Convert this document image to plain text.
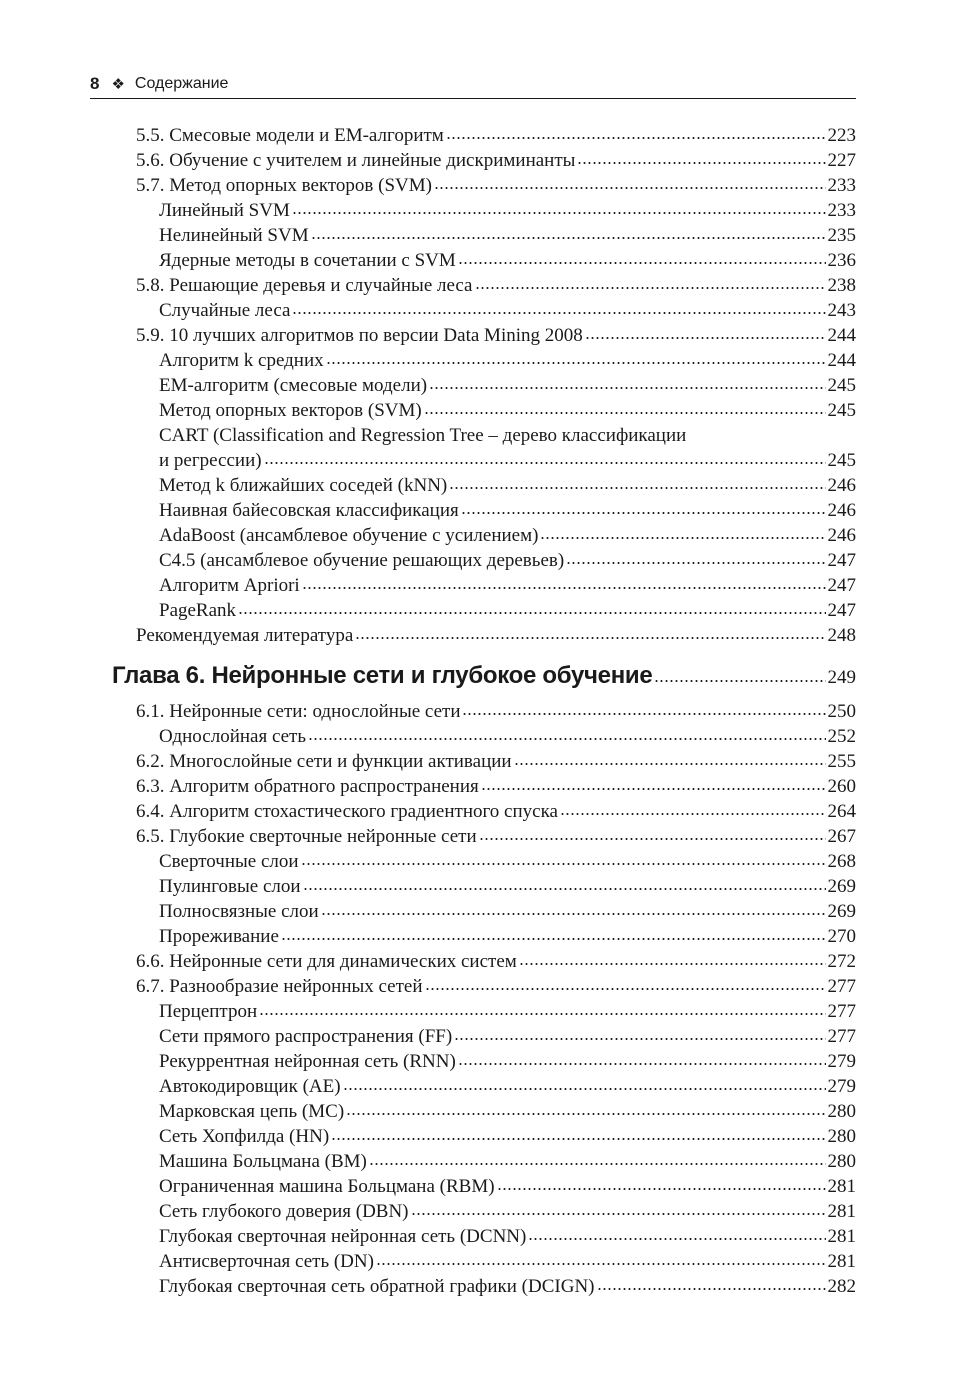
8 ❖ Содержание
5.5. Смесовые модели и EM-алгоритм	223
5.6. Обучение с учителем и линейные дискриминанты	227
5.7. Метод опорных векторов (SVM)	233
Линейный SVM	233
Нелинейный SVM	235
Ядерные методы в сочетании с SVM	236
5.8. Решающие деревья и случайные леса	238
Случайные леса	243
5.9. 10 лучших алгоритмов по версии Data Mining 2008	244
Алгоритм k средних	244
EM-алгоритм (смесовые модели)	245
Метод опорных векторов (SVM)	245
CART (Classification and Regression Tree – дерево классификации
и регрессии)	245
Метод k ближайших соседей (kNN)	246
Наивная байесовская классификация	246
AdaBoost (ансамблевое обучение с усилением)	246
C4.5 (ансамблевое обучение решающих деревьев)	247
Алгоритм Apriori	247
PageRank	247
Рекомендуемая литература	248
Глава 6. Нейронные сети и глубокое обучение	249
6.1. Нейронные сети: однослойные сети	250
Однослойная сеть	252
6.2. Многослойные сети и функции активации	255
6.3. Алгоритм обратного распространения	260
6.4. Алгоритм стохастического градиентного спуска	264
6.5. Глубокие сверточные нейронные сети	267
Сверточные слои	268
Пулинговые слои	269
Полносвязные слои	269
Прореживание	270
6.6. Нейронные сети для динамических систем	272
6.7. Разнообразие нейронных сетей	277
Перцептрон	277
Сети прямого распространения (FF)	277
Рекуррентная нейронная сеть (RNN)	279
Автокодировщик (AE)	279
Марковская цепь (MC)	280
Сеть Хопфилда (HN)	280
Машина Больцмана (BM)	280
Ограниченная машина Больцмана (RBM)	281
Сеть глубокого доверия (DBN)	281
Глубокая сверточная нейронная сеть (DCNN)	281
Антисверточная сеть (DN)	281
Глубокая сверточная сеть обратной графики (DCIGN)	282
